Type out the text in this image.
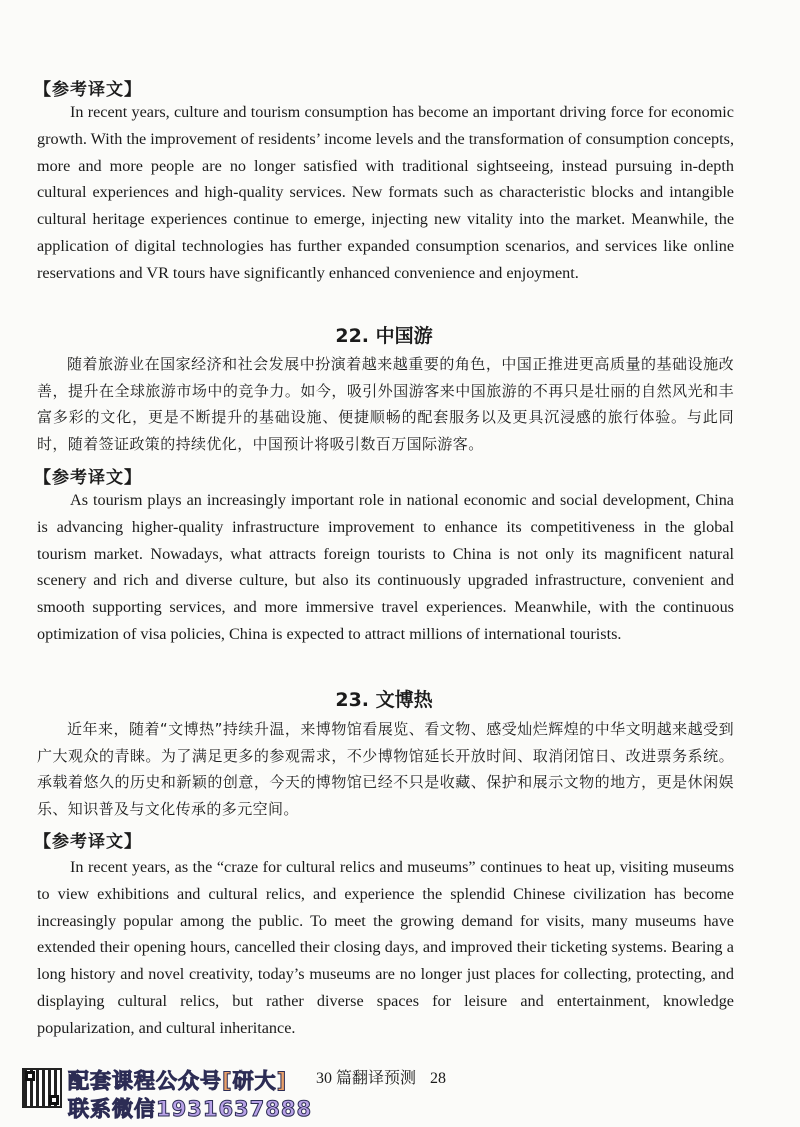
【参考译文】

In recent years, culture and tourism consumption has become an important driving force for economic growth. With the improvement of residents’ income levels and the transformation of consumption concepts, more and more people are no longer satisfied with traditional sightseeing, instead pursuing in-depth cultural experiences and high-quality services. New formats such as characteristic blocks and intangible cultural heritage experiences continue to emerge, injecting new vitality into the market. Meanwhile, the application of digital technologies has further expanded consumption scenarios, and services like online reservations and VR tours have significantly enhanced convenience and enjoyment.

22. 中国游

随着旅游业在国家经济和社会发展中扮演着越来越重要的角色，中国正推进更高质量的基础设施改善，提升在全球旅游市场中的竞争力。如今，吸引外国游客来中国旅游的不再只是壮丽的自然风光和丰富多彩的文化，更是不断提升的基础设施、便捷顺畅的配套服务以及更具沉浸感的旅行体验。与此同时，随着签证政策的持续优化，中国预计将吸引数百万国际游客。

【参考译文】

As tourism plays an increasingly important role in national economic and social development, China is advancing higher-quality infrastructure improvement to enhance its competitiveness in the global tourism market. Nowadays, what attracts foreign tourists to China is not only its magnificent natural scenery and rich and diverse culture, but also its continuously upgraded infrastructure, convenient and smooth supporting services, and more immersive travel experiences. Meanwhile, with the continuous optimization of visa policies, China is expected to attract millions of international tourists.

23. 文博热

近年来，随着“文博热”持续升温，来博物馆看展览、看文物、感受灿烂辉煌的中华文明越来越受到广大观众的青睐。为了满足更多的参观需求，不少博物馆延长开放时间、取消闭馆日、改进票务系统。承载着悠久的历史和新颖的创意，今天的博物馆已经不只是收藏、保护和展示文物的地方，更是休闲娱乐、知识普及与文化传承的多元空间。

【参考译文】

In recent years, as the “craze for cultural relics and museums” continues to heat up, visiting museums to view exhibitions and cultural relics, and experience the splendid Chinese civilization has become increasingly popular among the public. To meet the growing demand for visits, many museums have extended their opening hours, cancelled their closing days, and improved their ticketing systems. Bearing a long history and novel creativity, today’s museums are no longer just places for collecting, protecting, and displaying cultural relics, but rather diverse spaces for leisure and entertainment, knowledge popularization, and cultural inheritance.

配套课程公众号[研大]
联系微信1931637888
30 篇翻译预测 28
